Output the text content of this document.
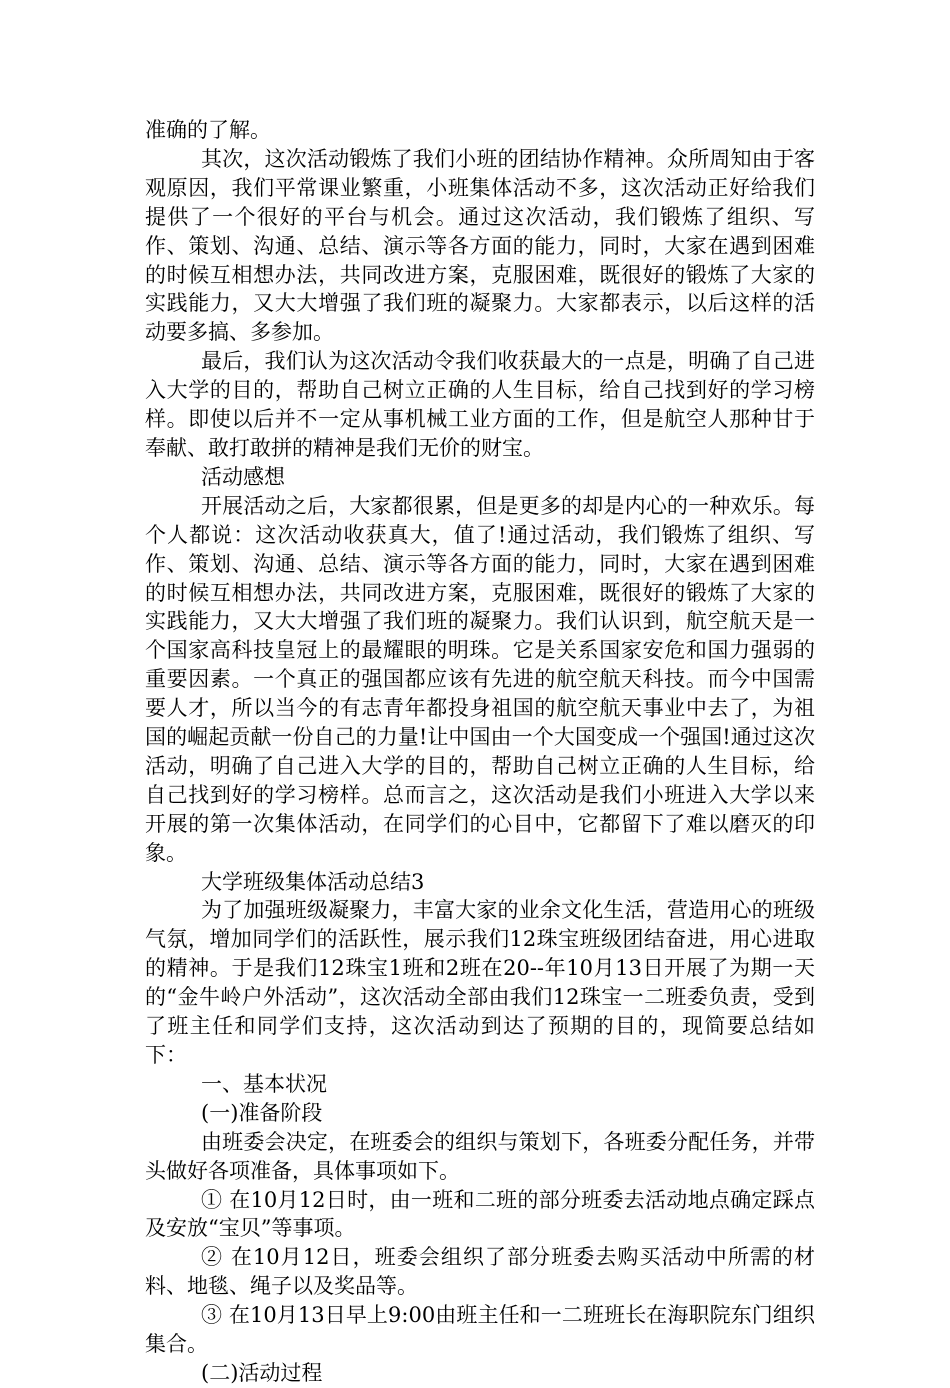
准确的了解。

其次，这次活动锻炼了我们小班的团结协作精神。众所周知由于客观原因，我们平常课业繁重，小班集体活动不多，这次活动正好给我们提供了一个很好的平台与机会。通过这次活动，我们锻炼了组织、写作、策划、沟通、总结、演示等各方面的能力，同时，大家在遇到困难的时候互相想办法，共同改进方案，克服困难，既很好的锻炼了大家的实践能力，又大大增强了我们班的凝聚力。大家都表示，以后这样的活动要多搞、多参加。

最后，我们认为这次活动令我们收获最大的一点是，明确了自己进入大学的目的，帮助自己树立正确的人生目标，给自己找到好的学习榜样。即使以后并不一定从事机械工业方面的工作，但是航空人那种甘于奉献、敢打敢拼的精神是我们无价的财宝。

活动感想

开展活动之后，大家都很累，但是更多的却是内心的一种欢乐。每个人都说：这次活动收获真大，值了!通过活动，我们锻炼了组织、写作、策划、沟通、总结、演示等各方面的能力，同时，大家在遇到困难的时候互相想办法，共同改进方案，克服困难，既很好的锻炼了大家的实践能力，又大大增强了我们班的凝聚力。我们认识到，航空航天是一个国家高科技皇冠上的最耀眼的明珠。它是关系国家安危和国力强弱的重要因素。一个真正的强国都应该有先进的航空航天科技。而今中国需要人才，所以当今的有志青年都投身祖国的航空航天事业中去了，为祖国的崛起贡献一份自己的力量!让中国由一个大国变成一个强国!通过这次活动，明确了自己进入大学的目的，帮助自己树立正确的人生目标，给自己找到好的学习榜样。总而言之，这次活动是我们小班进入大学以来开展的第一次集体活动，在同学们的心目中，它都留下了难以磨灭的印象。

大学班级集体活动总结3

为了加强班级凝聚力，丰富大家的业余文化生活，营造用心的班级气氛，增加同学们的活跃性，展示我们12珠宝班级团结奋进，用心进取的精神。于是我们12珠宝1班和2班在20--年10月13日开展了为期一天的“金牛岭户外活动”，这次活动全部由我们12珠宝一二班委负责，受到了班主任和同学们支持，这次活动到达了预期的目的，现简要总结如下：

一、基本状况

(一)准备阶段

由班委会决定，在班委会的组织与策划下，各班委分配任务，并带头做好各项准备，具体事项如下。

① 在10月12日时，由一班和二班的部分班委去活动地点确定踩点及安放“宝贝”等事项。

② 在10月12日，班委会组织了部分班委去购买活动中所需的材料、地毯、绳子以及奖品等。

③ 在10月13日早上9:00由班主任和一二班班长在海职院东门组织集合。

(二)活动过程
